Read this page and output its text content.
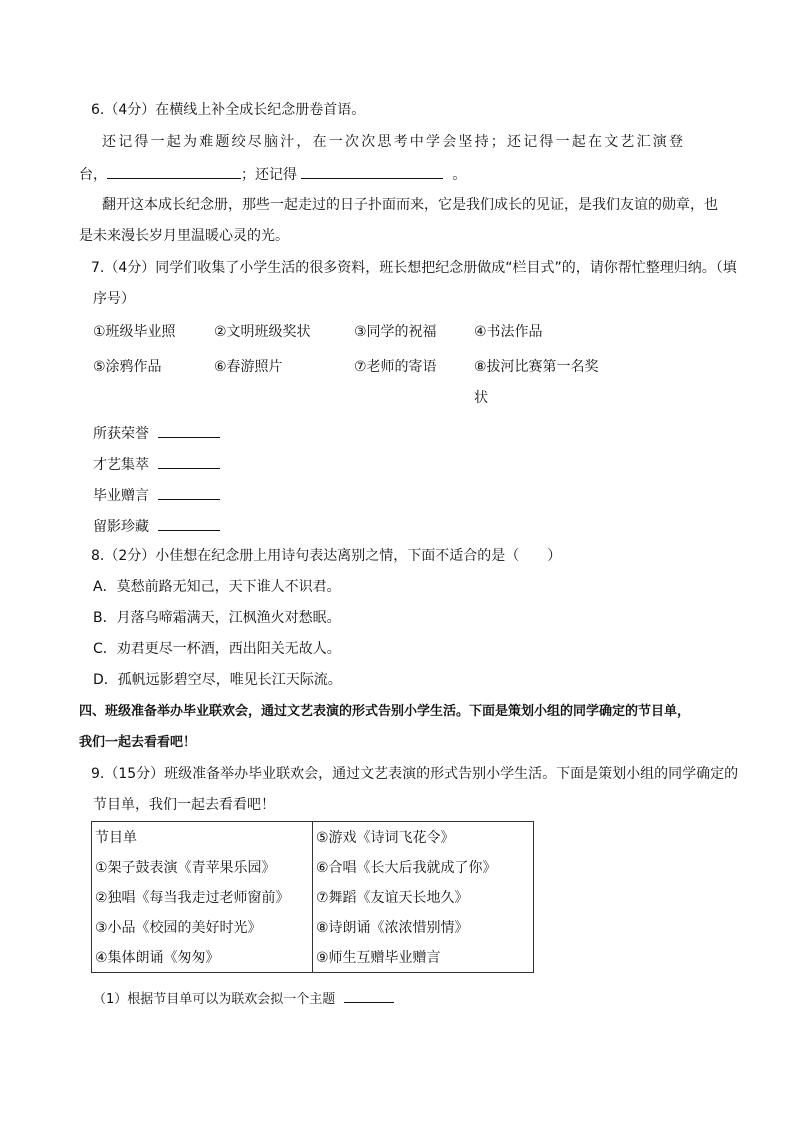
6.（4分）在横线上补全成长纪念册卷首语。
还记得一起为难题绞尽脑汁，在一次次思考中学会坚持；还记得一起在文艺汇演登
台，	；还记得	。
翻开这本成长纪念册，那些一起走过的日子扑面而来，它是我们成长的见证，是我们友谊的勋章，也
是未来漫长岁月里温暖心灵的光。
7.（4分）同学们收集了小学生活的很多资料，班长想把纪念册做成“栏目式”的，请你帮忙整理归纳。（填
序号）
①班级毕业照	②文明班级奖状	③同学的祝福	④书法作品
⑤涂鸦作品	⑥春游照片	⑦老师的寄语	⑧拔河比赛第一名奖
状
所获荣誉
才艺集萃
毕业赠言
留影珍藏
8.（2分）小佳想在纪念册上用诗句表达离别之情，下面不适合的是（　　）
A．莫愁前路无知己，天下谁人不识君。
B．月落乌啼霜满天，江枫渔火对愁眠。
C．劝君更尽一杯酒，西出阳关无故人。
D．孤帆远影碧空尽，唯见长江天际流。
四、班级准备举办毕业联欢会，通过文艺表演的形式告别小学生活。下面是策划小组的同学确定的节目单，
我们一起去看看吧！
9.（15分）班级准备举办毕业联欢会，通过文艺表演的形式告别小学生活。下面是策划小组的同学确定的
节目单，我们一起去看看吧！
节目单	⑤游戏《诗词飞花令》
①架子鼓表演《青苹果乐园》	⑥合唱《长大后我就成了你》
②独唱《每当我走过老师窗前》	⑦舞蹈《友谊天长地久》
③小品《校园的美好时光》	⑧诗朗诵《浓浓惜别情》
④集体朗诵《匆匆》	⑨师生互赠毕业赠言
（1）根据节目单可以为联欢会拟一个主题
